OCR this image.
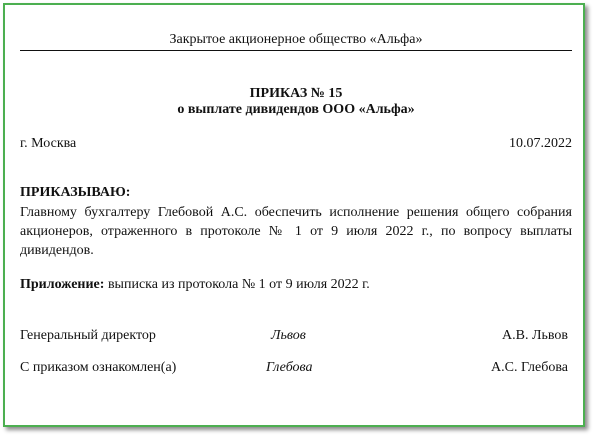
Закрытое акционерное общество «Альфа»
ПРИКАЗ № 15
о выплате дивидендов ООО «Альфа»
г. Москва	10.07.2022
ПРИКАЗЫВАЮ:
Главному бухгалтеру Глебовой А.С. обеспечить исполнение решения общего собрания акционеров, отраженного в протоколе № 1 от 9 июля 2022 г., по вопросу выплаты дивидендов.
Приложение: выписка из протокола № 1 от 9 июля 2022 г.
Генеральный директор	Львов	А.В. Львов
С приказом ознакомлен(а)	Глебова	А.С. Глебова
